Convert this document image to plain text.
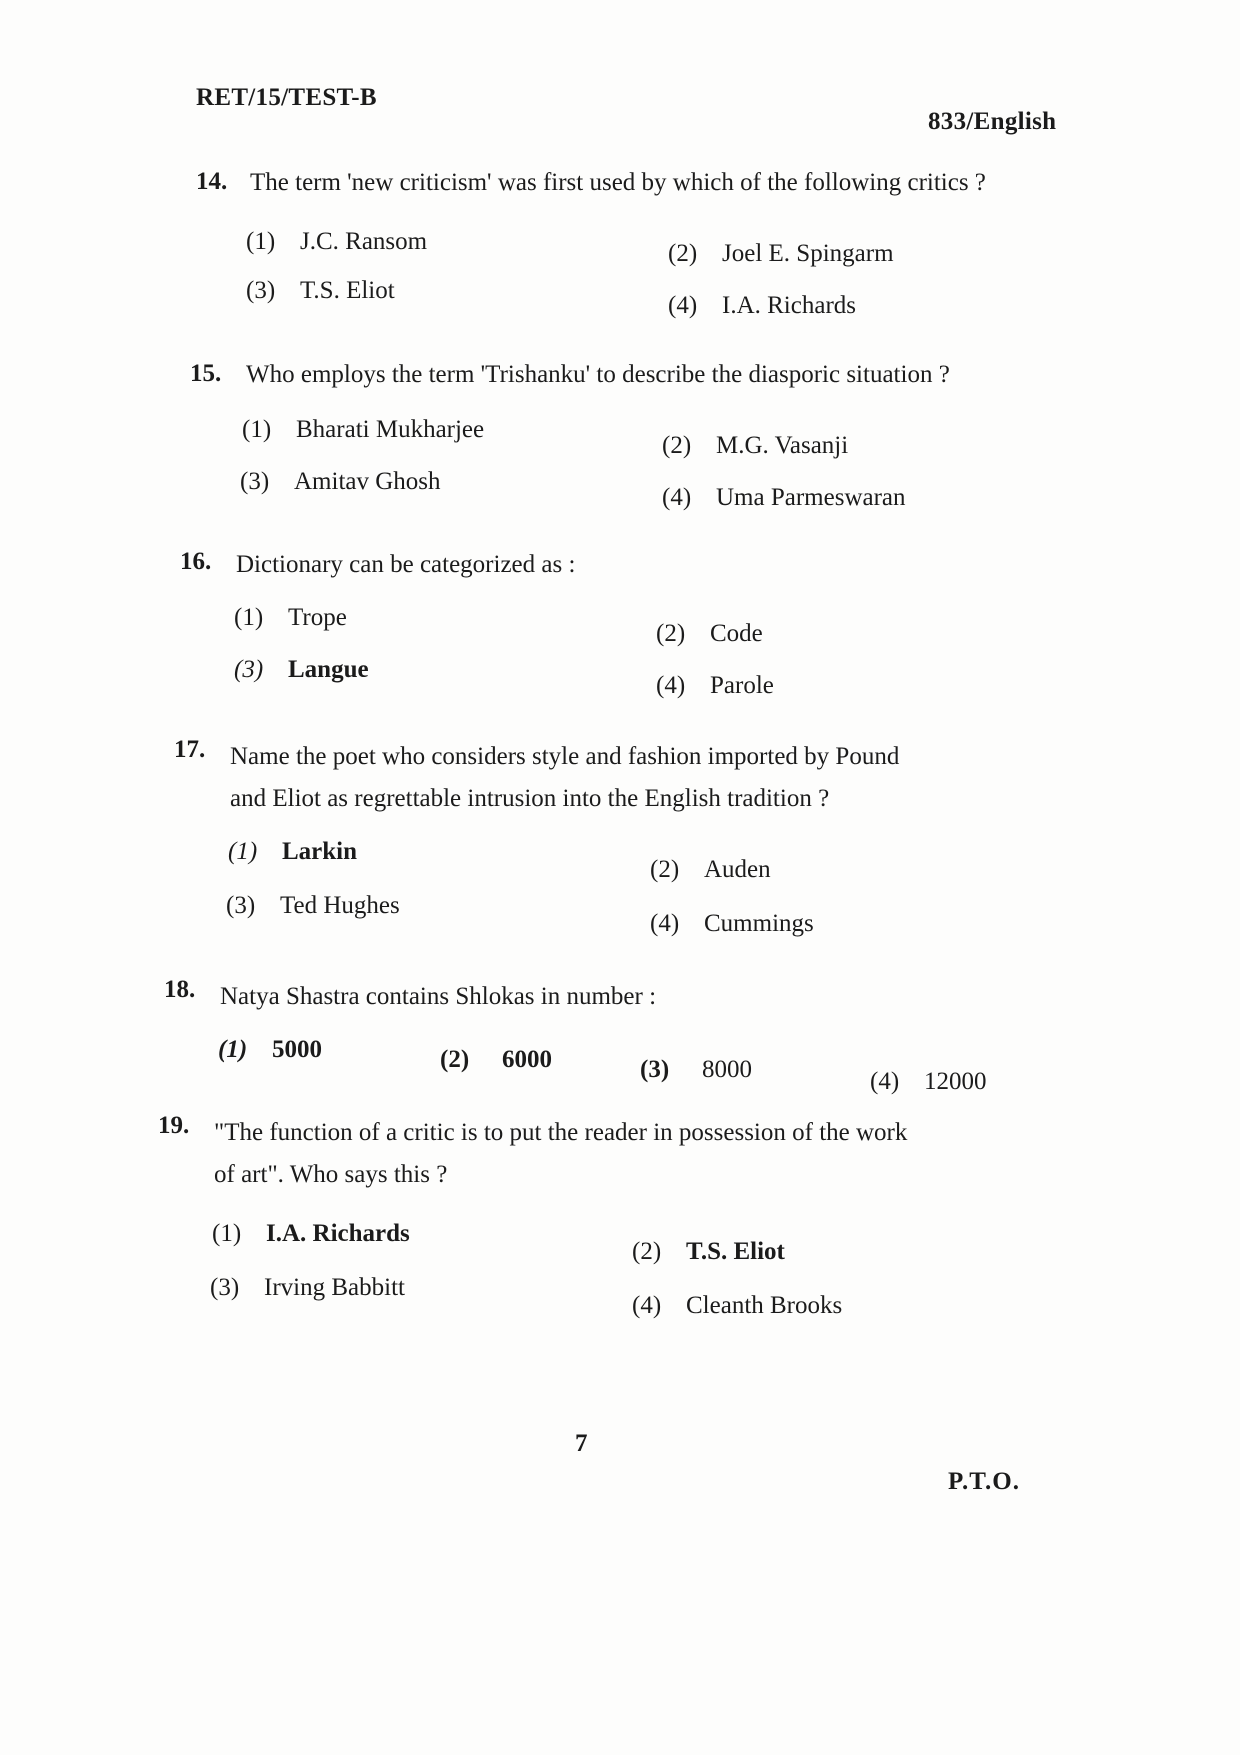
RET/15/TEST-B
833/English
14. The term 'new criticism' was first used by which of the following critics ?
(1) J.C. Ransom	(2) Joel E. Spingarm
(3) T.S. Eliot
(4) I.A. Richards
15. Who employs the term 'Trishanku' to describe the diasporic situation ?
(1) Bharati Mukharjee
(2) M.G. Vasanji
(3) Amitav Ghosh
(4) Uma Parmeswaran
16. Dictionary can be categorized as :
(1) Trope
(2) Code
(3) Langue
(4) Parole
17. Name the poet who considers style and fashion imported by Pound
and Eliot as regrettable intrusion into the English tradition ?
(1) Larkin
(2) Auden
(3) Ted Hughes
(4) Cummings
18. Natya Shastra contains Shlokas in number :
(1) 5000	(2) 6000	(3) 8000	(4) 12000
19. "The function of a critic is to put the reader in possession of the work
of art". Who says this ?
(1) I.A. Richards
(2) T.S. Eliot
(3) Irving Babbitt
(4) Cleanth Brooks
7
P.T.O.
